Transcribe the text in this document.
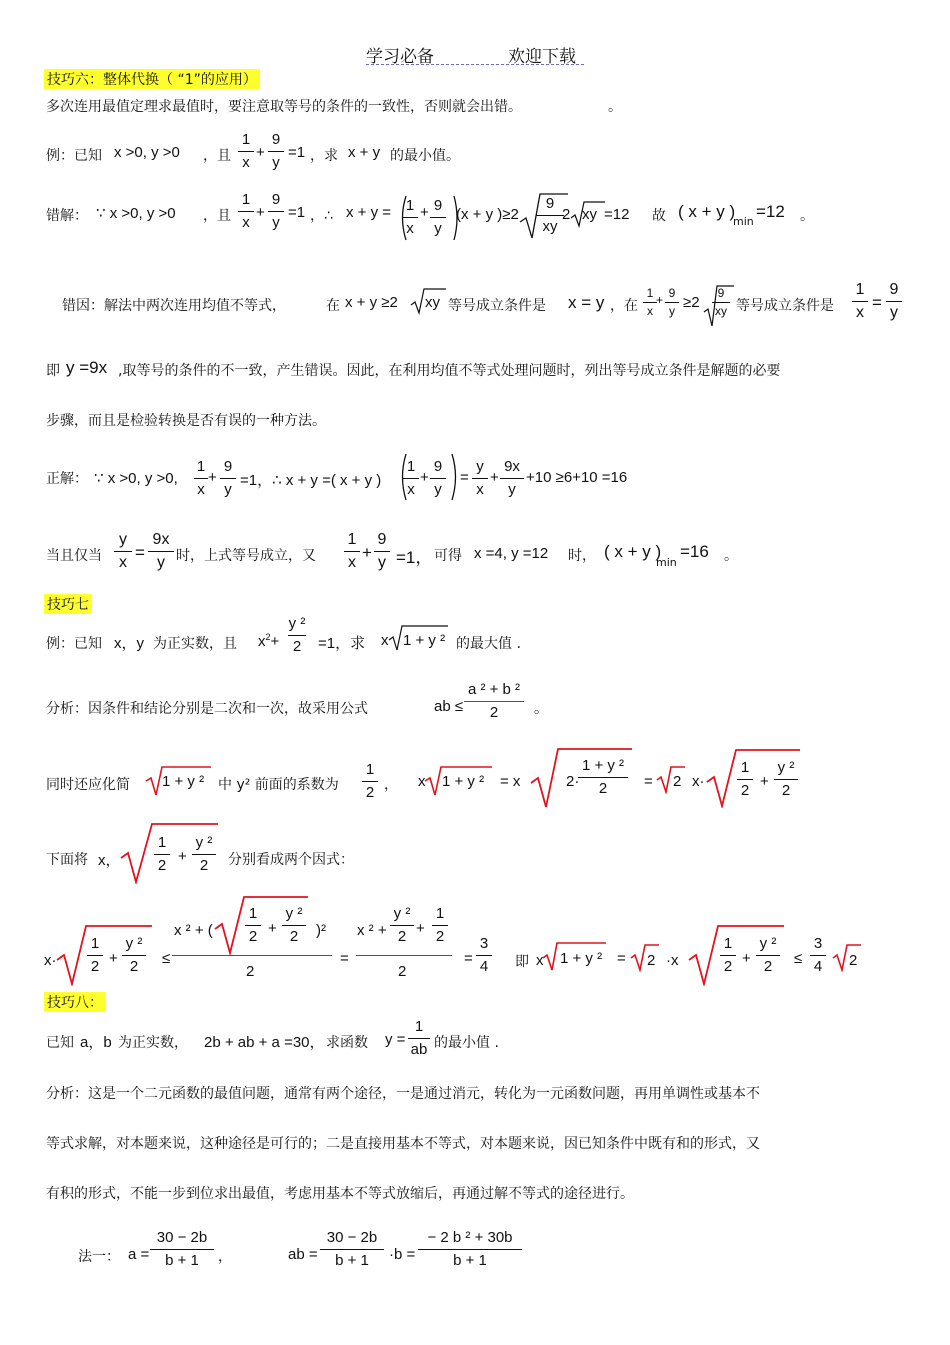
学习必备	欢迎下载
技巧六：整体代换（ “1”的应用）
多次连用最值定理求最值时，要注意取等号的条件的一致性，否则就会出错。	。
例：已知 x >0, y >0 ，且
1
x
+
9
y
=1 ，求 x + y 的最小值。
错解： ∵ x >0, y >0 ，且
1
x
+
9
y
=1 ，∴ x + y = 1
x
+ 9
y
(x + y )≥2
9
xy
2 xy =12 故 ( x + y )
min
=12 。
错因：解法中两次连用均值不等式，	在 x + y ≥2 xy 等号成立条件是 x = y ，在
1
x
+ 9
y ≥2
9
xy 等号成立条件是
1
x
=
9
y
即 y =9x ,取等号的条件的不一致，产生错误。因此，在利用均值不等式处理问题时，列出等号成立条件是解题的必要
步骤，而且是检验转换是否有误的一种方法。
正解： ∵ x >0, y >0,
1
x
+
9
y
=1，∴ x + y =( x + y )
1
x
+
9
y
=
y
x
+
9x
y
+10 ≥6+10 =16
当且仅当
y
x
=
9x
y 时，上式等号成立，又
1
x
+
9
y =1， 可得 x =4, y =12 时， ( x + y )
min
=16 。
技巧七
例：已知 x，y 为正实数，且 $x^2+$
y ²
2	=1，求 x 1 + y ² 的最大值 .
分析：因条件和结论分别是二次和一次，故采用公式	ab ≤
a ² + b ²
2	。
同时还应化简 1 + y ² 中 y² 前面的系数为
1
2 ， x 1 + y ² = x	2·
1 + y ²
2	= 2 x·
1
2
+
y ²
2
下面将 x，
1
2
+
y ²
2	分别看成两个因式：
x·
1
2 +
y ²
2	≤
x ² + (
1
2 +
y ²
2	)²
2
=
x ² +
y ²
2 +
1
2
2
=
3
4 即 x 1 + y ² = 2 ·x
1
2 +
y ²
2	≤
3
4 2
技巧八：
已知 a，b 为正实数， 2b + ab + a =30， 求函数 y =
1
ab 的最小值 .
分析：这是一个二元函数的最值问题，通常有两个途径，一是通过消元，转化为一元函数问题，再用单调性或基本不
等式求解，对本题来说，这种途径是可行的；二是直接用基本不等式，对本题来说，因已知条件中既有和的形式，又
有积的形式，不能一步到位求出最值，考虑用基本不等式放缩后，再通过解不等式的途径进行。
法一： a =
30 − 2b
b + 1	，	ab =
30 − 2b
b + 1	·b =
− 2 b ² + 30b
b + 1
